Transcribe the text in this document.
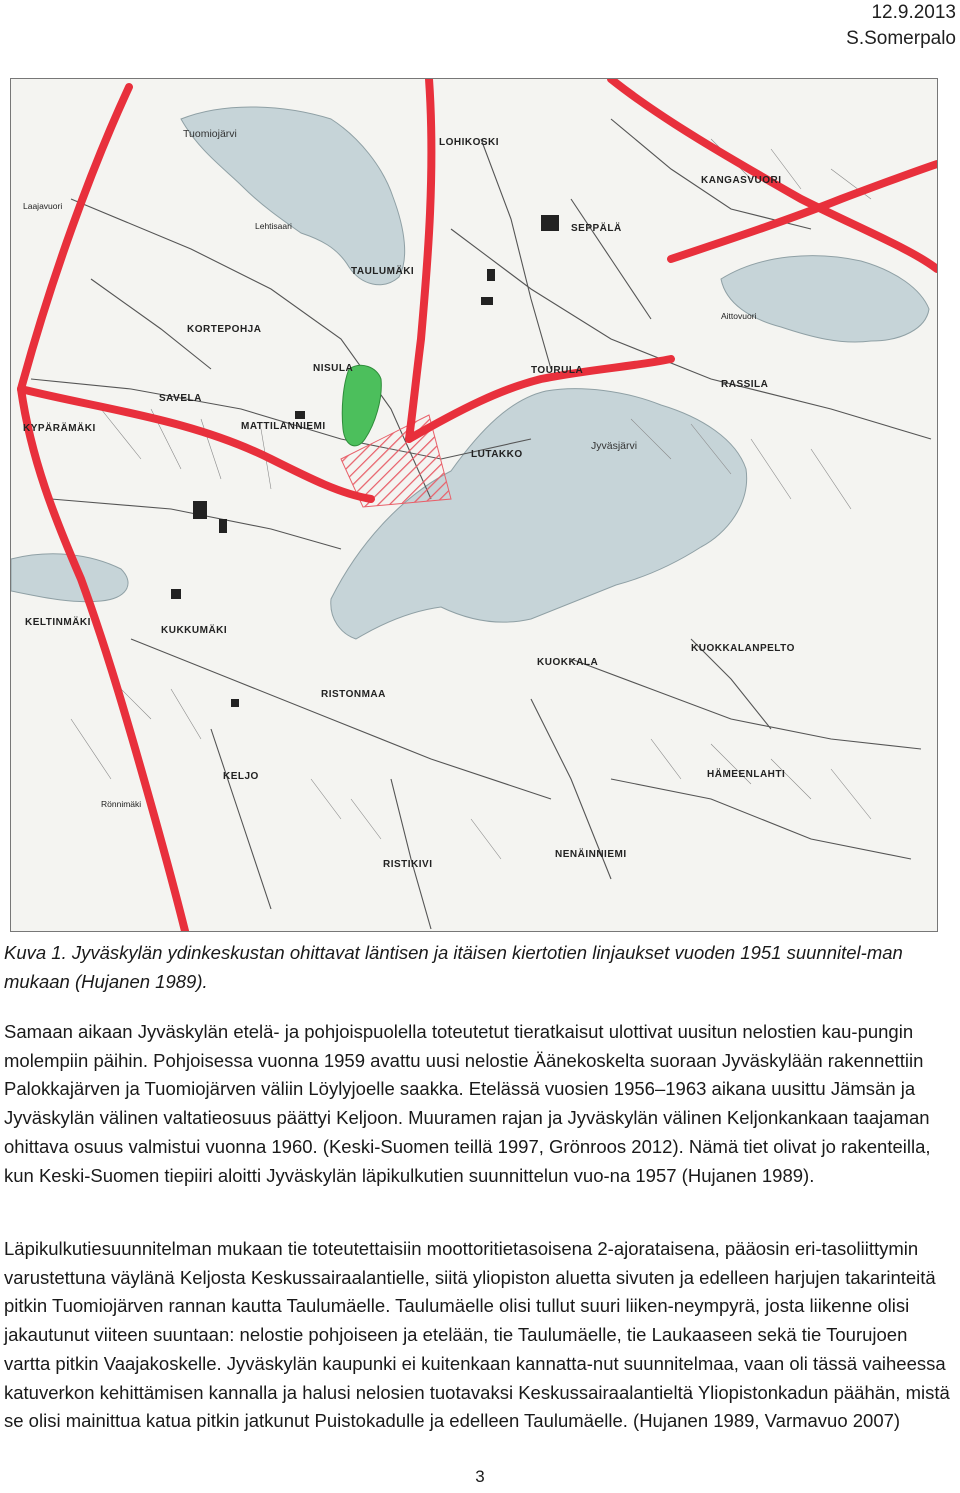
12.9.2013
S.Somerpalo
Tuomiojärvi
LOHIKOSKI
KANGASVUORI
SEPPÄLÄ
TAULUMÄKI
KORTEPOHJA
NISULA	TOURULA
RASSILA
SAVELA
MATTILANNIEMI
KYPÄRÄMÄKI
LUTAKKO
Jyväsjärvi
KELTINMÄKI
KUKKUMÄKI
RISTONMAA
KUOKKALA
KUOKKALANPELTO
KELJO	HÄMEENLAHTI
RISTIKIVI
NENÄINNIEMI
Lehtisaari
Aittovuori
Laajavuori
Rönnimäki
Kuva 1. Jyväskylän ydinkeskustan ohittavat läntisen ja itäisen kiertotien linjaukset vuoden 1951 suunnitel-man mukaan (Hujanen 1989).
Samaan aikaan Jyväskylän etelä- ja pohjoispuolella toteutetut tieratkaisut ulottivat uusitun nelostien kau-pungin molempiin päihin. Pohjoisessa vuonna 1959 avattu uusi nelostie Äänekoskelta suoraan Jyväskylään rakennettiin Palokkajärven ja Tuomiojärven väliin Löylyjoelle saakka. Etelässä vuosien 1956–1963 aikana uusittu Jämsän ja Jyväskylän välinen valtatieosuus päättyi Keljoon. Muuramen rajan ja Jyväskylän välinen Keljonkankaan taajaman ohittava osuus valmistui vuonna 1960. (Keski-Suomen teillä 1997, Grönroos 2012). Nämä tiet olivat jo rakenteilla, kun Keski-Suomen tiepiiri aloitti Jyväskylän läpikulkutien suunnittelun vuo-na 1957 (Hujanen 1989).
Läpikulkutiesuunnitelman mukaan tie toteutettaisiin moottoritietasoisena 2-ajorataisena, pääosin eri-tasoliittymin varustettuna väylänä Keljosta Keskussairaalantielle, siitä yliopiston aluetta sivuten ja edelleen harjujen takarinteitä pitkin Tuomiojärven rannan kautta Taulumäelle. Taulumäelle olisi tullut suuri liiken-neympyrä, josta liikenne olisi jakautunut viiteen suuntaan: nelostie pohjoiseen ja etelään, tie Taulumäelle, tie Laukaaseen sekä tie Tourujoen vartta pitkin Vaajakoskelle. Jyväskylän kaupunki ei kuitenkaan kannatta-nut suunnitelmaa, vaan oli tässä vaiheessa katuverkon kehittämisen kannalla ja halusi nelosien tuotavaksi Keskussairaalantieltä Yliopistonkadun päähän, mistä se olisi mainittua katua pitkin jatkunut Puistokadulle ja edelleen Taulumäelle. (Hujanen 1989, Varmavuo 2007)
3
